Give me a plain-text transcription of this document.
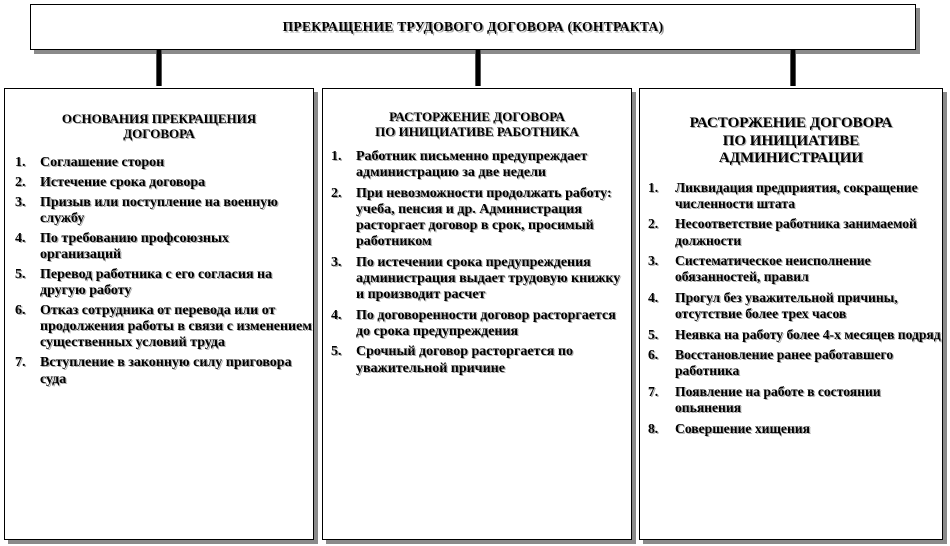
ПРЕКРАЩЕНИЕ ТРУДОВОГО ДОГОВОРА (КОНТРАКТА)
ОСНОВАНИЯ ПРЕКРАЩЕНИЯ
ДОГОВОРА
1. Соглашение сторон
2. Истечение срока договора
3. Призыв или поступление на военную службу
4. По требованию профсоюзных организаций
5. Перевод работника с его согласия на другую работу
6. Отказ сотрудника от перевода или от продолжения работы в связи с изменением существенных условий труда
7. Вступление в законную силу приговора суда
РАСТОРЖЕНИЕ ДОГОВОРА
ПО ИНИЦИАТИВЕ РАБОТНИКА
1. Работник письменно предупреждает администрацию за две недели
2. При невозможности продолжать работу: учеба, пенсия и др. Администрация расторгает договор в срок, просимый работником
3. По истечении срока предупреждения администрация выдает трудовую книжку и производит расчет
4. По договоренности договор расторгается до срока предупреждения
5. Срочный договор расторгается по уважительной причине
РАСТОРЖЕНИЕ ДОГОВОРА
ПО ИНИЦИАТИВЕ
АДМИНИСТРАЦИИ
1. Ликвидация предприятия, сокращение численности штата
2. Несоответствие работника занимаемой должности
3. Систематическое неисполнение обязанностей, правил
4. Прогул без уважительной причины, отсутствие более трех часов
5. Неявка на работу более 4-х месяцев подряд
6. Восстановление ранее работавшего работника
7. Появление на работе в состоянии опьянения
8. Совершение хищения
